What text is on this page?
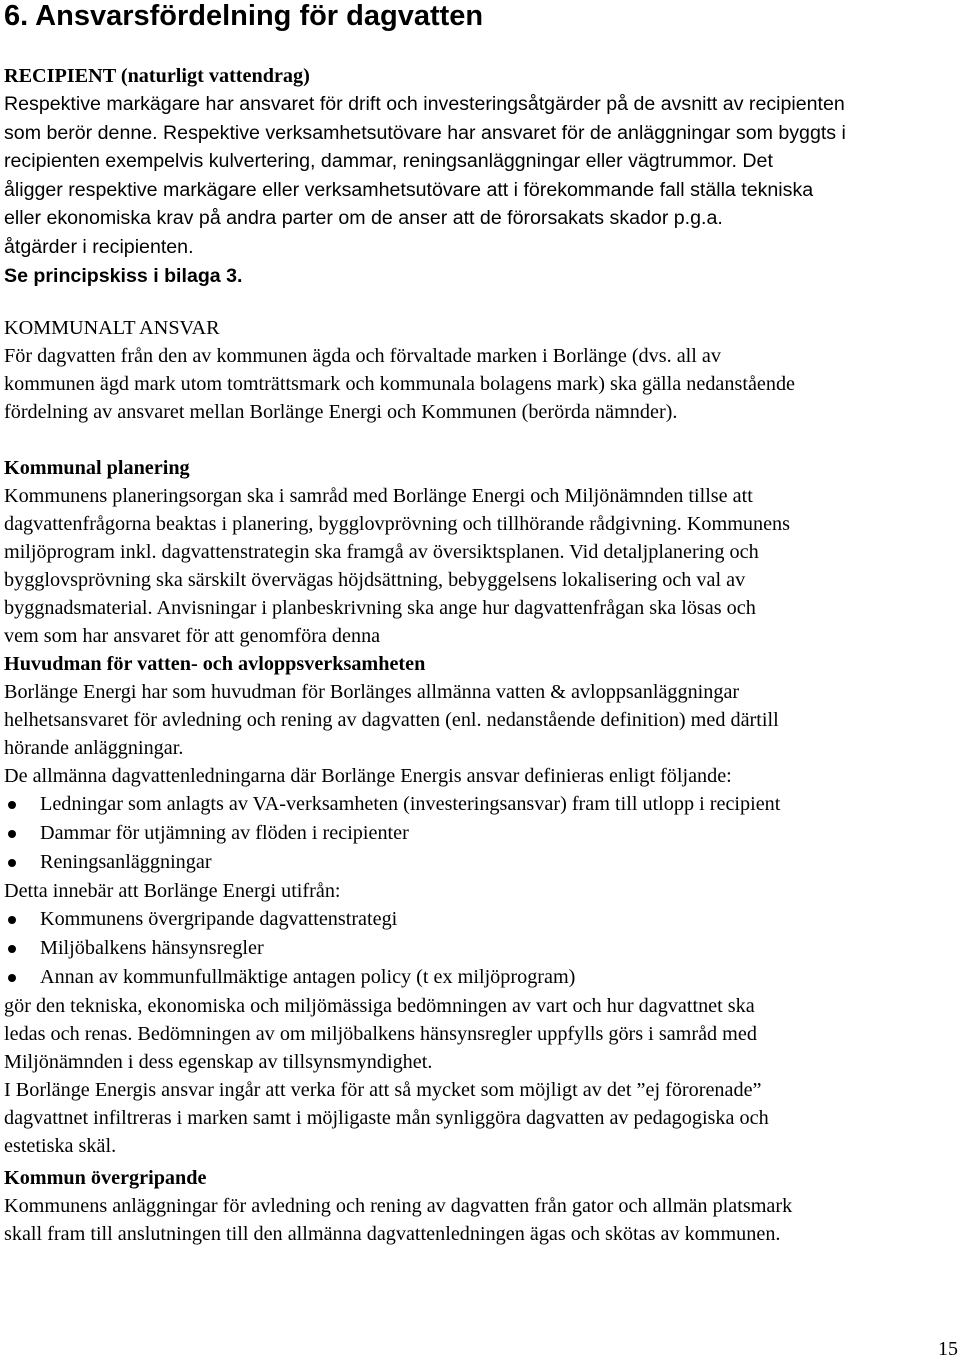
6. Ansvarsfördelning för dagvatten
RECIPIENT (naturligt vattendrag)
Respektive markägare har ansvaret för drift och investeringsåtgärder på de avsnitt av recipienten
som berör denne. Respektive verksamhetsutövare har ansvaret för de anläggningar som byggts i
recipienten exempelvis kulvertering, dammar, reningsanläggningar eller vägtrummor. Det
åligger respektive markägare eller verksamhetsutövare att i förekommande fall ställa tekniska
eller ekonomiska krav på andra parter om de anser att de förorsakats skador p.g.a.
åtgärder i recipienten.
Se principskiss i bilaga 3.
KOMMUNALT ANSVAR
För dagvatten från den av kommunen ägda och förvaltade marken i Borlänge (dvs. all av
kommunen ägd mark utom tomträttsmark och kommunala bolagens mark) ska gälla nedanstående
fördelning av ansvaret mellan Borlänge Energi och Kommunen (berörda nämnder).
Kommunal planering
Kommunens planeringsorgan ska i samråd med Borlänge Energi och Miljönämnden tillse att
dagvattenfrågorna beaktas i planering, bygglovprövning och tillhörande rådgivning. Kommunens
miljöprogram inkl. dagvattenstrategin ska framgå av översiktsplanen. Vid detaljplanering och
bygglovsprövning ska särskilt övervägas höjdsättning, bebyggelsens lokalisering och val av
byggnadsmaterial. Anvisningar i planbeskrivning ska ange hur dagvattenfrågan ska lösas och
vem som har ansvaret för att genomföra denna
Huvudman för vatten- och avloppsverksamheten
Borlänge Energi har som huvudman för Borlänges allmänna vatten & avloppsanläggningar
helhetsansvaret för avledning och rening av dagvatten (enl. nedanstående definition) med därtill
hörande anläggningar.
De allmänna dagvattenledningarna där Borlänge Energis ansvar definieras enligt följande:
Ledningar som anlagts av VA-verksamheten (investeringsansvar) fram till utlopp i recipient
Dammar för utjämning av flöden i recipienter
Reningsanläggningar
Detta innebär att Borlänge Energi utifrån:
Kommunens övergripande dagvattenstrategi
Miljöbalkens hänsynsregler
Annan av kommunfullmäktige antagen policy (t ex miljöprogram)
gör den tekniska, ekonomiska och miljömässiga bedömningen av vart och hur dagvattnet ska
ledas och renas. Bedömningen av om miljöbalkens hänsynsregler uppfylls görs i samråd med
Miljönämnden i dess egenskap av tillsynsmyndighet.
I Borlänge Energis ansvar ingår att verka för att så mycket som möjligt av det ”ej förorenade”
dagvattnet infiltreras i marken samt i möjligaste mån synliggöra dagvatten av pedagogiska och
estetiska skäl.
Kommun övergripande
Kommunens anläggningar för avledning och rening av dagvatten från gator och allmän platsmark
skall fram till anslutningen till den allmänna dagvattenledningen ägas och skötas av kommunen.
15
